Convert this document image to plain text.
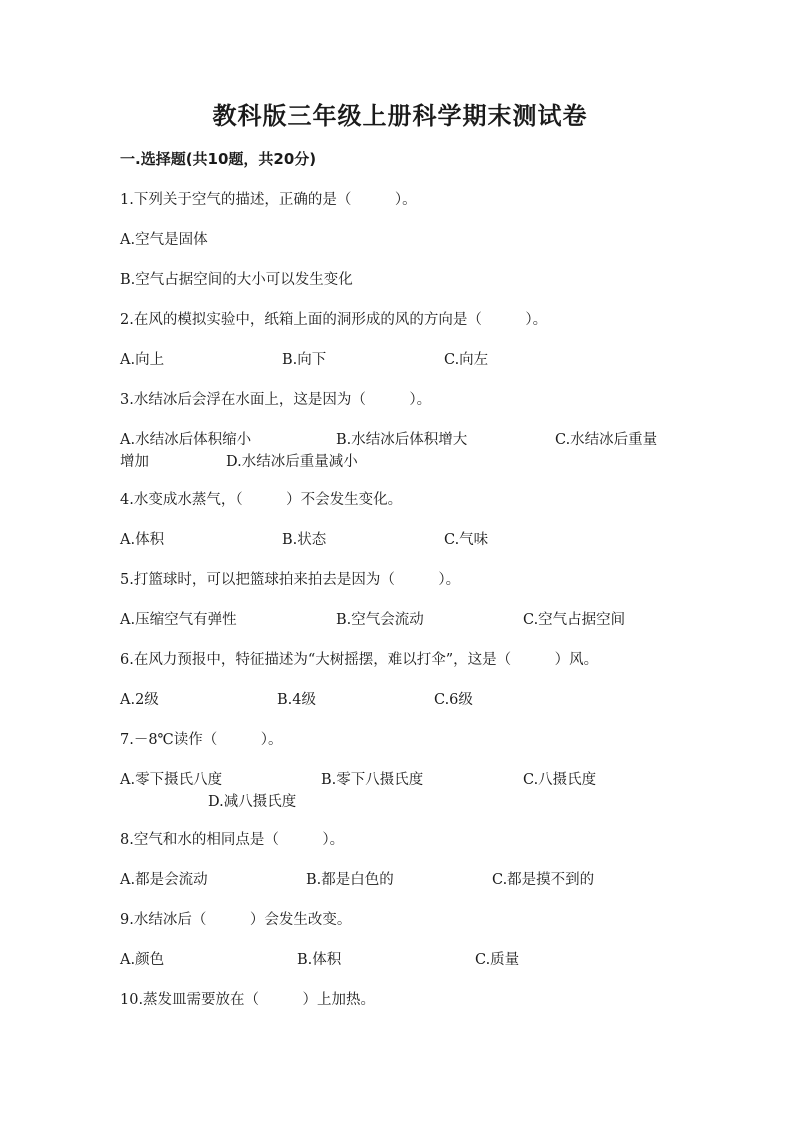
教科版三年级上册科学期末测试卷
一.选择题(共10题，共20分)
1.下列关于空气的描述，正确的是（　　　）。
A.空气是固体
B.空气占据空间的大小可以发生变化
2.在风的模拟实验中，纸箱上面的洞形成的风的方向是（　　　）。
A.向上	B.向下	C.向左
3.水结冰后会浮在水面上，这是因为（　　　）。
A.水结冰后体积缩小	B.水结冰后体积增大	C.水结冰后重量
增加	D.水结冰后重量减小
4.水变成水蒸气，（　　　）不会发生变化。
A.体积	B.状态	C.气味
5.打篮球时，可以把篮球拍来拍去是因为（　　　）。
A.压缩空气有弹性	B.空气会流动	C.空气占据空间
6.在风力预报中，特征描述为“大树摇摆，难以打伞”，这是（　　　）风。
A.2级	B.4级	C.6级
7.－8℃读作（　　　）。
A.零下摄氏八度	B.零下八摄氏度	C.八摄氏度
D.减八摄氏度
8.空气和水的相同点是（　　　）。
A.都是会流动	B.都是白色的	C.都是摸不到的
9.水结冰后（　　　）会发生改变。
A.颜色	B.体积	C.质量
10.蒸发皿需要放在（　　　）上加热。
